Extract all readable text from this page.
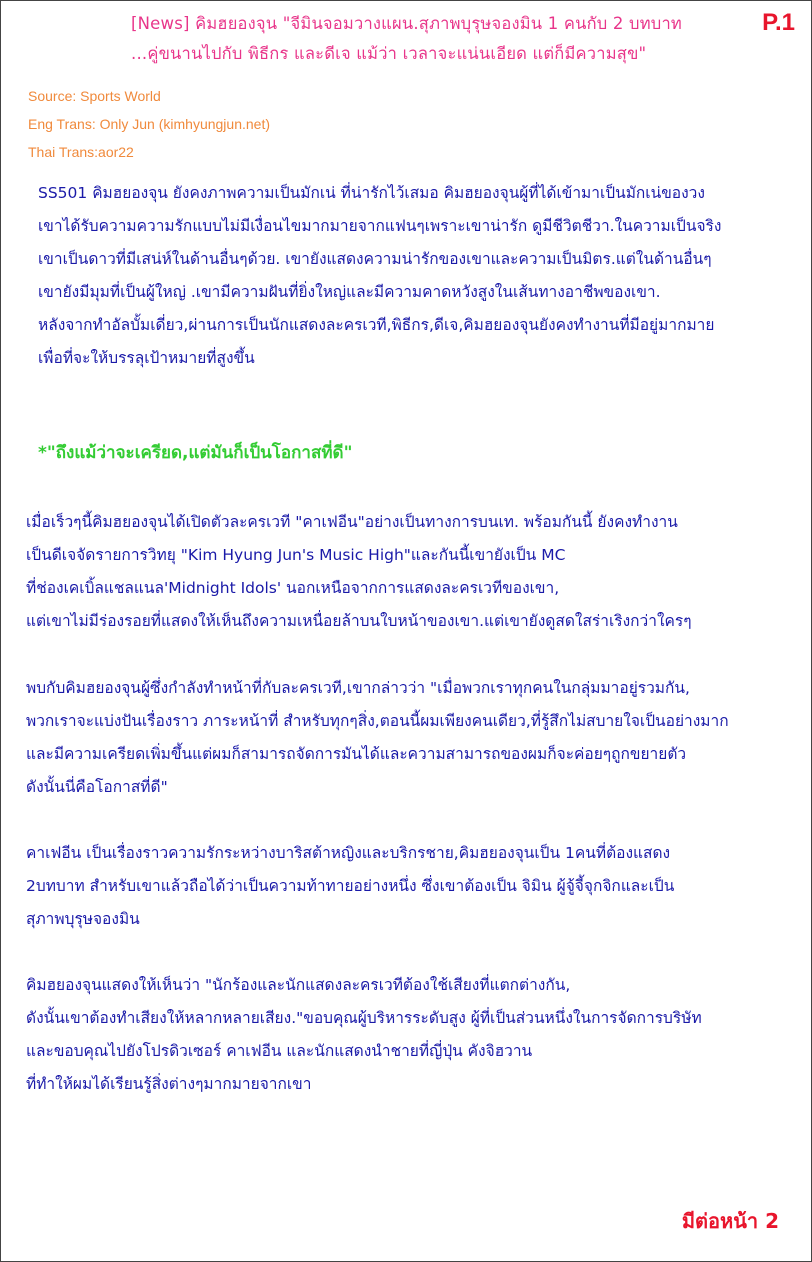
[News] คิมฮยองจุน "จีมินจอมวางแผน.สุภาพบุรุษจองมิน 1 คนกับ 2 บทบาท
...คู่ขนานไปกับ พิธีกร และดีเจ แม้ว่า เวลาจะแน่นเอียด แต่ก็มีความสุข"
P.1
Source: Sports World
Eng Trans: Only Jun (kimhyungjun.net)
Thai Trans:aor22
SS501 คิมฮยองจุน ยังคงภาพความเป็นมักเน่ ที่น่ารักไว้เสมอ คิมฮยองจุนผู้ที่ได้เข้ามาเป็นมักเน่ของวง
เขาได้รับความความรักแบบไม่มีเงื่อนไขมากมายจากแฟนๆเพราะเขาน่ารัก ดูมีชีวิตชีวา.ในความเป็นจริง
เขาเป็นดาวที่มีเสน่ห์ในด้านอื่นๆด้วย. เขายังแสดงความน่ารักของเขาและความเป็นมิตร.แต่ในด้านอื่นๆ
เขายังมีมุมที่เป็นผู้ใหญ่ .เขามีความฝันที่ยิ่งใหญ่และมีความคาดหวังสูงในเส้นทางอาชีพของเขา.
หลังจากทำอัลบั้มเดี่ยว,ผ่านการเป็นนักแสดงละครเวที,พิธีกร,ดีเจ,คิมฮยองจุนยังคงทำงานที่มีอยู่มากมาย
เพื่อที่จะให้บรรลุเป้าหมายที่สูงขึ้น
*"ถึงแม้ว่าจะเครียด,แต่มันก็เป็นโอกาสที่ดี"
เมื่อเร็วๆนี้คิมฮยองจุนได้เปิดตัวละครเวที "คาเฟอีน"อย่างเป็นทางการบนเท. พร้อมกันนี้ ยังคงทำงาน
เป็นดีเจจัดรายการวิทยุ "Kim Hyung Jun's Music High"และกันนี้เขายังเป็น MC
ที่ช่องเคเบิ้ลแชลแนล'Midnight Idols' นอกเหนือจากการแสดงละครเวทีของเขา,
แต่เขาไม่มีร่องรอยที่แสดงให้เห็นถึงความเหนื่อยล้าบนใบหน้าของเขา.แต่เขายังดูสดใสร่าเริงกว่าใครๆ
พบกับคิมฮยองจุนผู้ซึ่งกำลังทำหน้าที่กับละครเวที,เขากล่าวว่า "เมื่อพวกเราทุกคนในกลุ่มมาอยู่รวมกัน,
พวกเราจะแบ่งปันเรื่องราว ภาระหน้าที่ สำหรับทุกๆสิ่ง,ตอนนี้ผมเพียงคนเดียว,ที่รู้สึกไม่สบายใจเป็นอย่างมาก
และมีความเครียดเพิ่มขึ้นแต่ผมก็สามารถจัดการมันได้และความสามารถของผมก็จะค่อยๆถูกขยายตัว
ดังนั้นนี่คือโอกาสที่ดี"
คาเฟอีน เป็นเรื่องราวความรักระหว่างบาริสต้าหญิงและบริกรชาย,คิมฮยองจุนเป็น 1คนที่ต้องแสดง
2บทบาท สำหรับเขาแล้วถือได้ว่าเป็นความท้าทายอย่างหนึ่ง ซึ่งเขาต้องเป็น จิมิน ผู้จู้จี้จุกจิกและเป็น
สุภาพบุรุษจองมิน
คิมฮยองจุนแสดงให้เห็นว่า "นักร้องและนักแสดงละครเวทีต้องใช้เสียงที่แตกต่างกัน,
ดังนั้นเขาต้องทำเสียงให้หลากหลายเสียง."ขอบคุณผู้บริหารระดับสูง ผู้ที่เป็นส่วนหนึ่งในการจัดการบริษัท
และขอบคุณไปยังโปรดิวเซอร์ คาเฟอีน และนักแสดงนำชายที่ญี่ปุ่น คังจิฮวาน
ที่ทำให้ผมได้เรียนรู้สิ่งต่างๆมากมายจากเขา
มีต่อหน้า 2
